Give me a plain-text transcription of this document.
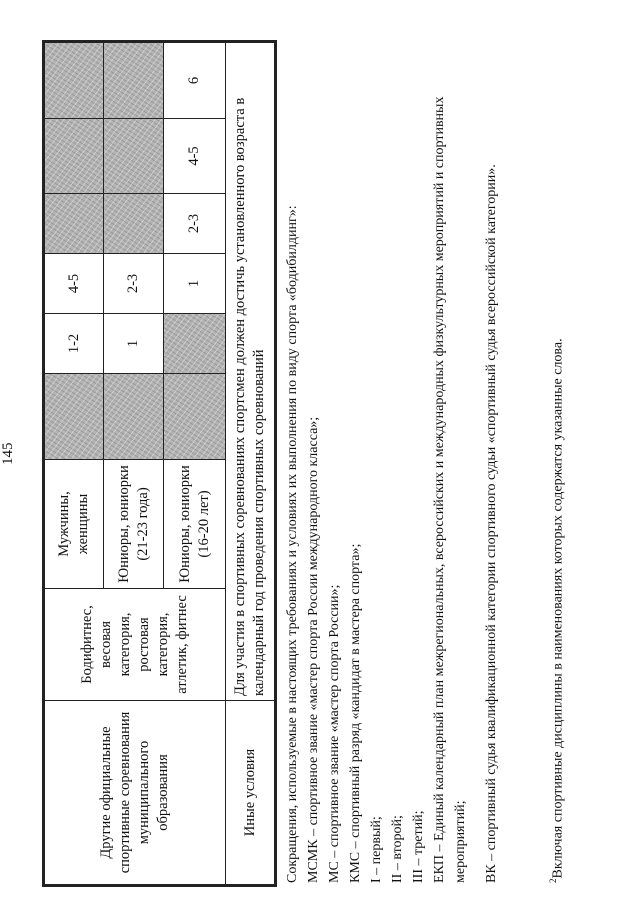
145
Другие официальные спортивные соревнования муниципального образования	Бодифитнес, весовая категория, ростовая категория, атлетик, фитнес	Мужчины, женщины		1-2	4-5			
		Юниоры, юниорки (21-23 года)		1	2-3			
		Юниоры, юниорки (16-20 лет)			1	2-3	4-5	6
Иные условия	Для участия в спортивных соревнованиях спортсмен должен достичь установленного возраста в календарный год проведения спортивных соревнований							Сокращения, используемые в настоящих требованиях и условиях их выполнения по виду спорта «бодибилдинг»: МСМК – спортивное звание «мастер спорта России международного класса»; МС – спортивное звание «мастер спорта России»; КМС – спортивный разряд «кандидат в мастера спорта»; I – первый; II – второй; III – третий; ЕКП – Единый календарный план межрегиональных, всероссийских и международных физкультурных мероприятий и спортивных мероприятий; ВК – спортивный судья квалификационной категории спортивного судьи «спортивный судья всероссийской категории».	$^2$Включая спортивные дисциплины в наименованиях которых содержатся указанные слова.
